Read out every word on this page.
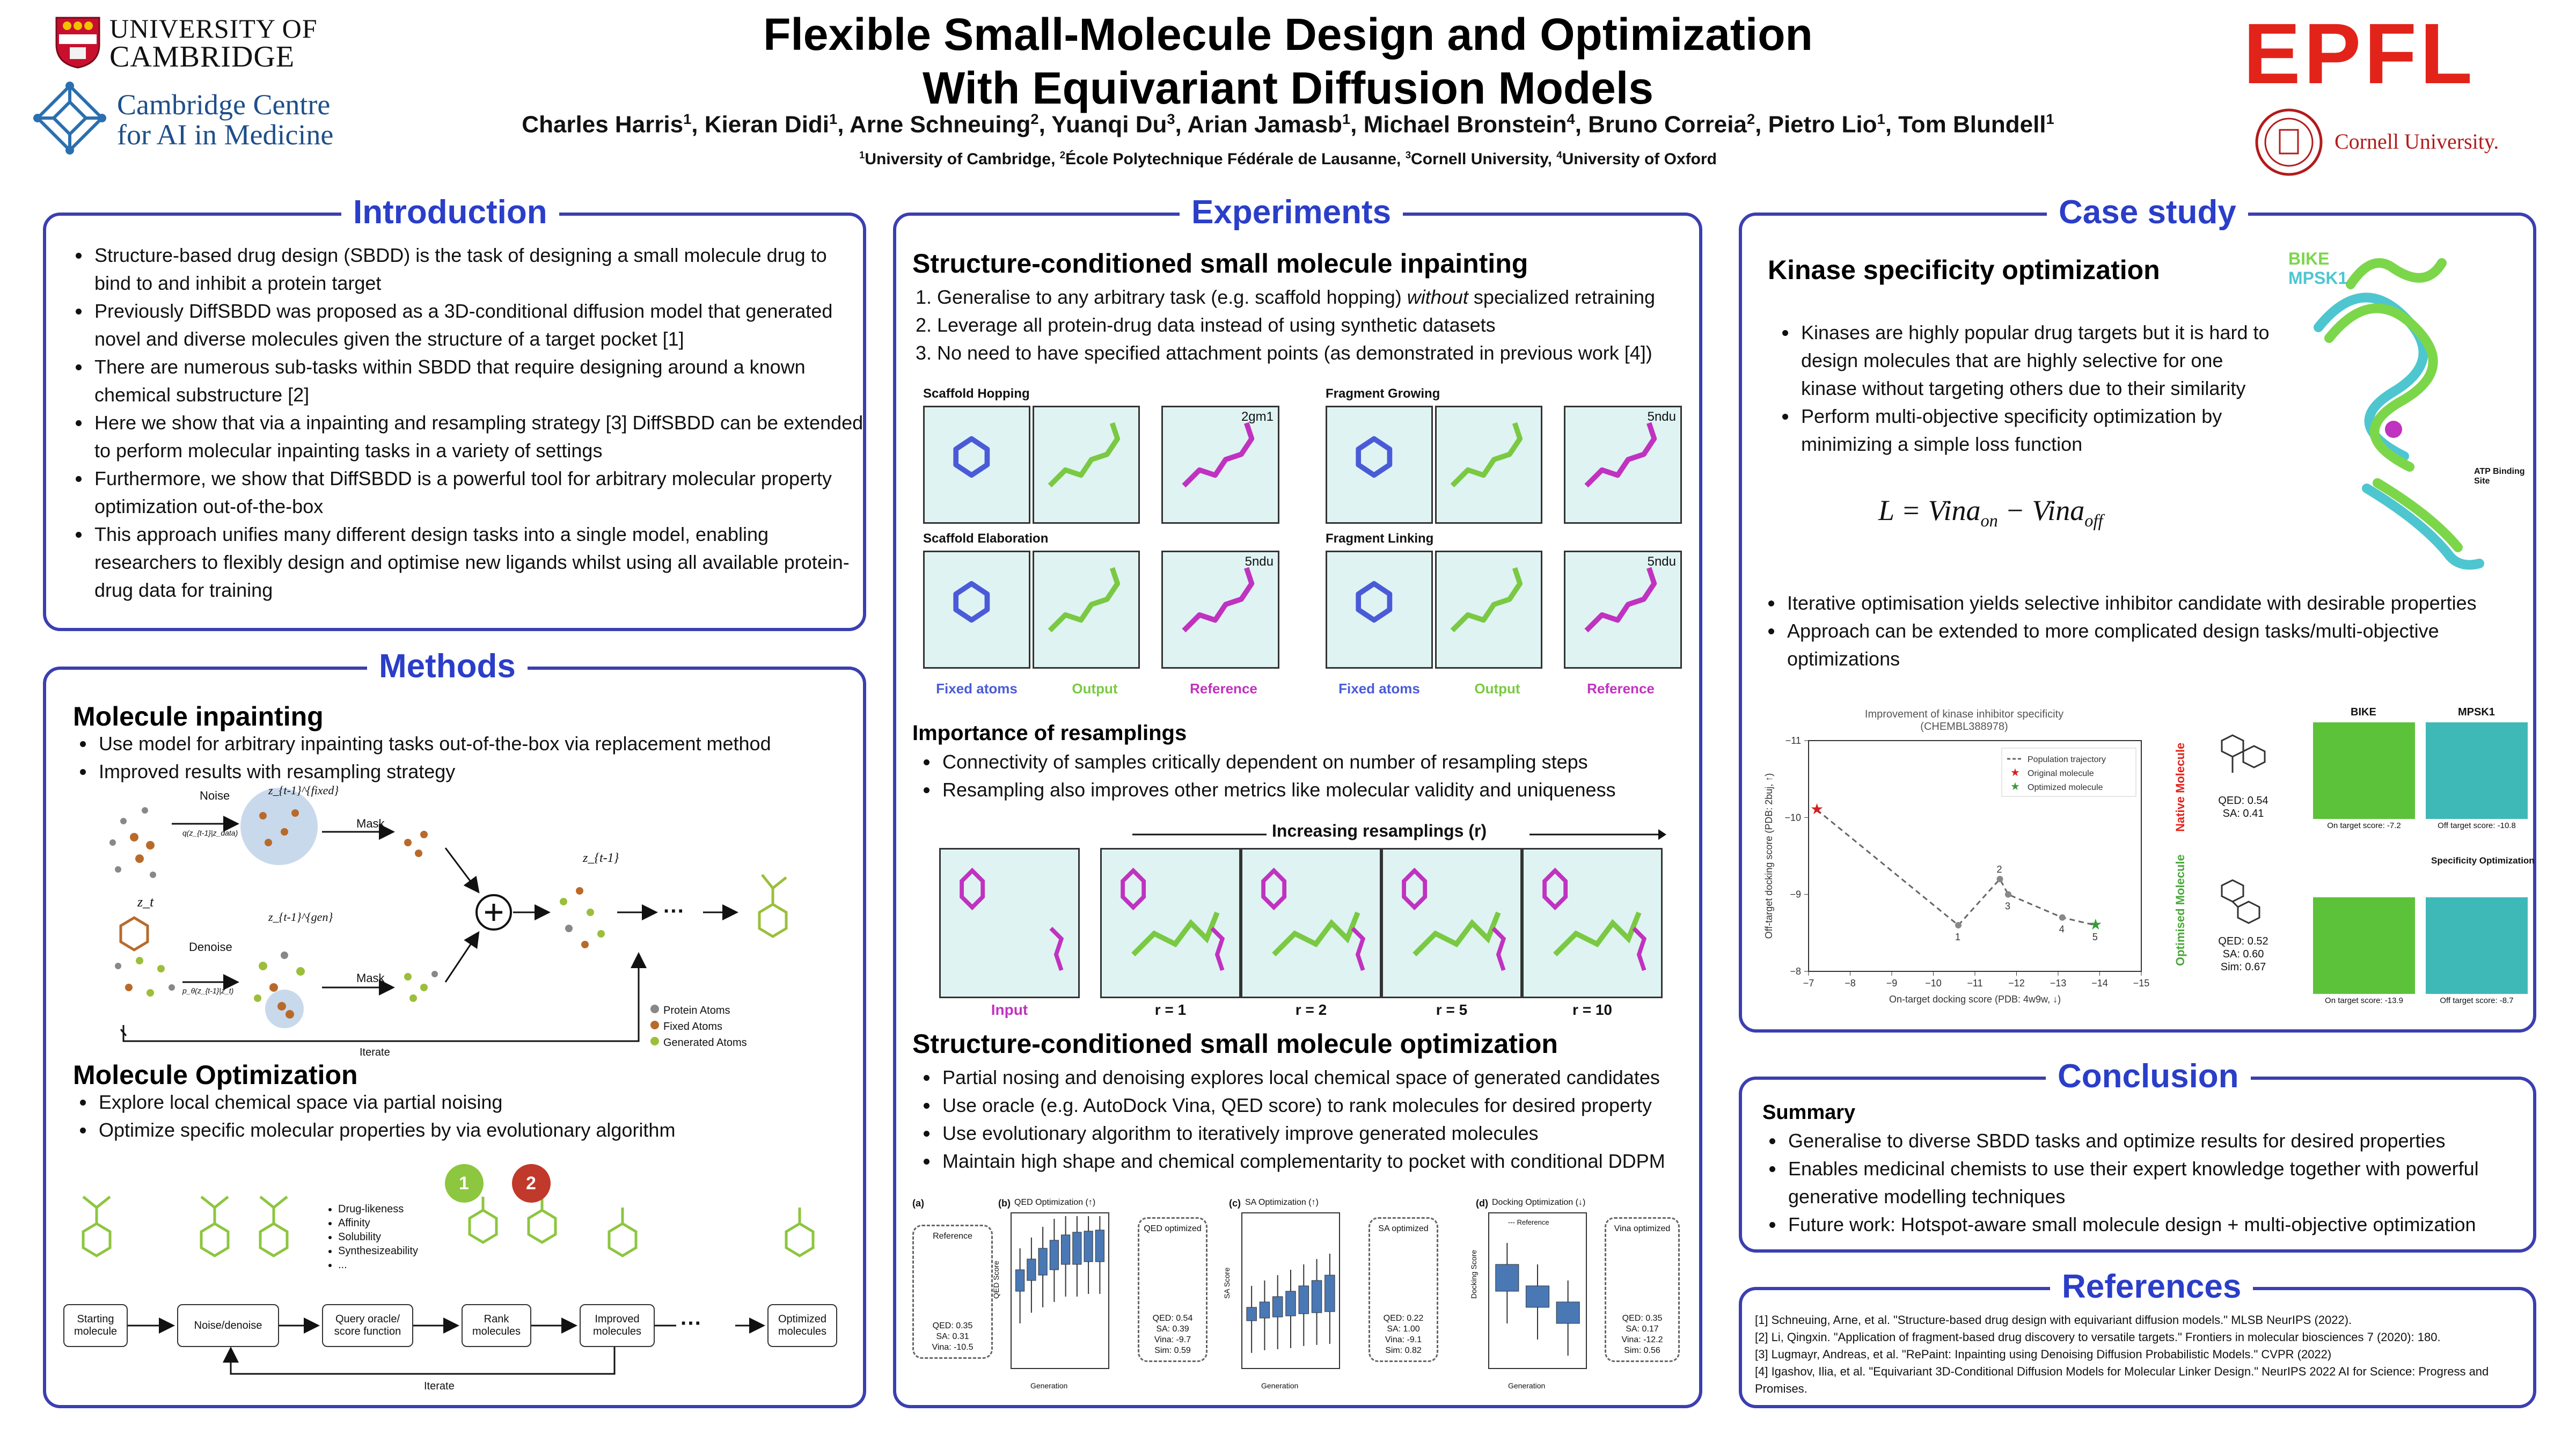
UNIVERSITY OF
CAMBRIDGE
Cambridge Centre
for AI in Medicine
Flexible Small-Molecule Design and Optimization
With Equivariant Diffusion Models
Charles Harris$^1$, Kieran Didi$^1$, Arne Schneuing$^2$, Yuanqi Du$^3$, Arian Jamasb$^1$, Michael Bronstein$^4$, Bruno Correia$^2$, Pietro Lio$^1$, Tom Blundell$^1$
$^1$University of Cambridge, $^2$École Polytechnique Fédérale de Lausanne, $^3$Cornell University, $^4$University of Oxford
EPFL
Cornell University.
Introduction
• Structure-based drug design (SBDD) is the task of designing a small molecule drug to bind to and inhibit a protein target
• Previously DiffSBDD was proposed as a 3D-conditional diffusion model that generated novel and diverse molecules given the structure of a target pocket [1]
• There are numerous sub-tasks within SBDD that require designing around a known chemical substructure [2]
• Here we show that via a inpainting and resampling strategy [3] DiffSBDD can be extended to perform molecular inpainting tasks in a variety of settings
• Furthermore, we show that DiffSBDD is a powerful tool for arbitrary molecular property optimization out-of-the-box
• This approach unifies many different design tasks into a single model, enabling researchers to flexibly design and optimise new ligands whilst using all available protein-drug data for training
Methods
Molecule inpainting
• Use model for arbitrary inpainting tasks out-of-the-box via replacement method
• Improved results with resampling strategy
Noise
q(z_{t-1}|z_data)
Mask
z_{t-1}^{fixed}
Denoise
p_θ(z_{t-1}|z_t)
Mask
z_t
z_{t-1}^{gen}
z_{t-1}
···
Iterate
Protein Atoms
Fixed Atoms
Generated Atoms
Molecule Optimization
• Explore local chemical space via partial noising
• Optimize specific molecular properties by via evolutionary algorithm
1	2
• Drug-likeness
• Affinity
• Solubility
• Synthesizeability
• ...
Starting molecule
Noise/denoise
Query oracle/ score function
Rank molecules
Improved molecules	···	Optimized molecules
Iterate
Experiments
Structure-conditioned small molecule inpainting
1. Generalise to any arbitrary task (e.g. scaffold hopping) without specialized retraining
2. Leverage all protein-drug data instead of using synthetic datasets
3. No need to have specified attachment points (as demonstrated in previous work [4])
Scaffold Hopping
2gm1
Fragment Growing
5ndu
Scaffold Elaboration
5ndu
Fragment Linking
5ndu
Fixed atoms	Output	Reference	Fixed atoms	Output	Reference
Importance of resamplings
• Connectivity of samples critically dependent on number of resampling steps
• Resampling also improves other metrics like molecular validity and uniqueness
Increasing resamplings (r)
Input	r = 1	r = 2	r = 5	r = 10
Structure-conditioned small molecule optimization
• Partial nosing and denoising explores local chemical space of generated candidates
• Use oracle (e.g. AutoDock Vina, QED score) to rank molecules for desired property
• Use evolutionary algorithm to iteratively improve generated molecules
• Maintain high shape and chemical complementarity to pocket with conditional DDPM
(a)
Reference
QED: 0.35
SA: 0.31
Vina: -10.5
(b) QED Optimization (↑)
QED Score
Generation
QED optimized
QED: 0.54
SA: 0.39
Vina: -9.7
Sim: 0.59
(c) SA Optimization (↑)
SA Score
Generation
SA optimized
QED: 0.22
SA: 1.00
Vina: -9.1
Sim: 0.82
(d) Docking Optimization (↓)
Docking Score
Generation
--- Reference
Vina optimized
QED: 0.35
SA: 0.17
Vina: -12.2
Sim: 0.56
Case study
Kinase specificity optimization
• Kinases are highly popular drug targets but it is hard to design molecules that are highly selective for one kinase without targeting others due to their similarity
• Perform multi-objective specificity optimization by minimizing a simple loss function
L = Vina$_{on}$ − Vina$_{off}$
BIKE
MPSK1
ATP Binding Site
• Iterative optimisation yields selective inhibitor candidate with desirable properties
• Approach can be extended to more complicated design tasks/multi-objective optimizations
Improvement of kinase inhibitor specificity (CHEMBL388978)
−7	−8	−9	−10	−11	−12	−13	−14	−15
−11
−10
−9
−8
On-target docking score (PDB: 4w9w, ↓)
Off-target docking score (PDB: 2buj, ↑)	1
2
3
4
5
★
★
Population trajectory
★ Original molecule
★ Optimized molecule	Native Molecule
Optimised Molecule
QED: 0.54
SA: 0.41
QED: 0.52
SA: 0.60
Sim: 0.67
BIKE	MPSK1
On target score: -7.2	Off target score: -10.8
Specificity Optimization
On target score: -13.9	Off target score: -8.7
Conclusion
Summary
• Generalise to diverse SBDD tasks and optimize results for desired properties
• Enables medicinal chemists to use their expert knowledge together with powerful generative modelling techniques
• Future work: Hotspot-aware small molecule design + multi-objective optimization
References
[1] Schneuing, Arne, et al. "Structure-based drug design with equivariant diffusion models." MLSB NeurIPS (2022).
[2] Li, Qingxin. "Application of fragment-based drug discovery to versatile targets." Frontiers in molecular biosciences 7 (2020): 180.
[3] Lugmayr, Andreas, et al. "RePaint: Inpainting using Denoising Diffusion Probabilistic Models." CVPR (2022)
[4] Igashov, Ilia, et al. "Equivariant 3D-Conditional Diffusion Models for Molecular Linker Design." NeurIPS 2022 AI for Science: Progress and Promises.
